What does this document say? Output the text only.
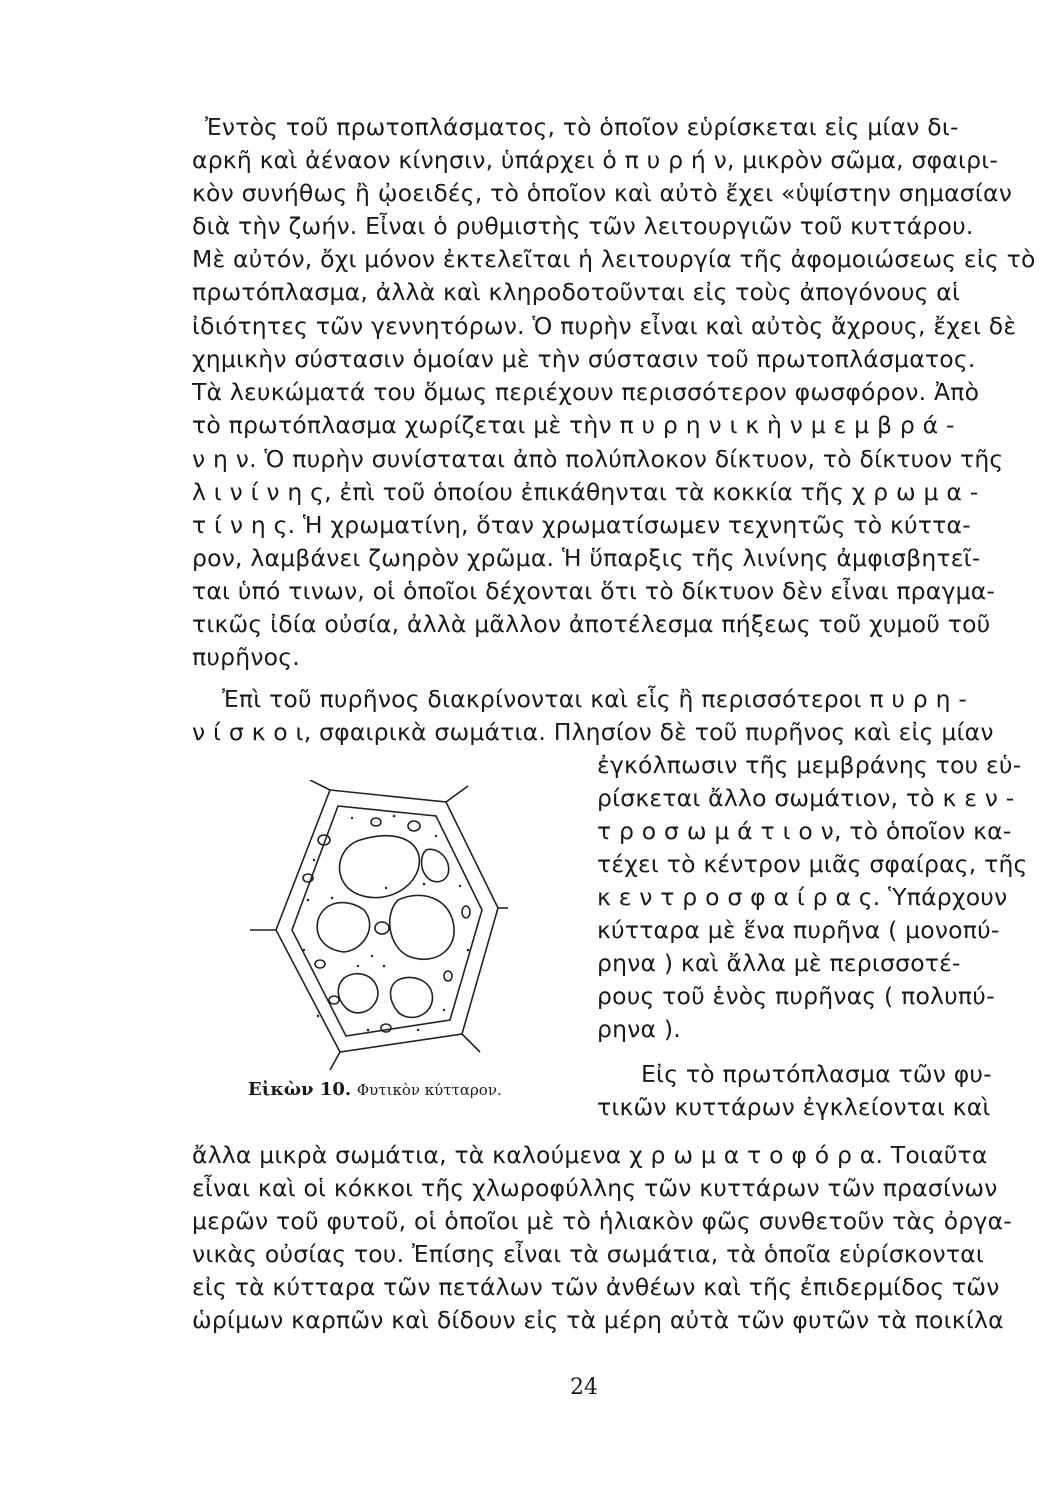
Ἐντὸς τοῦ πρωτοπλάσματος, τὸ ὁποῖον εὑρίσκεται εἰς μίαν δι-
αρκῆ καὶ ἀέναον κίνησιν, ὑπάρχει ὁ π υ ρ ή ν, μικρὸν σῶμα, σφαιρι-
κὸν συνήθως ἢ ᾠοειδές, τὸ ὁποῖον καὶ αὐτὸ ἔχει «ὑψίστην σημασίαν
διὰ τὴν ζωήν. Εἶναι ὁ ρυθμιστὴς τῶν λειτουργιῶν τοῦ κυττάρου.
Μὲ αὐτόν, ὄχι μόνον ἐκτελεῖται ἡ λειτουργία τῆς ἀφομοιώσεως εἰς τὸ
πρωτόπλασμα, ἀλλὰ καὶ κληροδοτοῦνται εἰς τοὺς ἀπογόνους αἱ
ἰδιότητες τῶν γεννητόρων. Ὁ πυρὴν εἶναι καὶ αὐτὸς ἄχρους, ἔχει δὲ
χημικὴν σύστασιν ὁμοίαν μὲ τὴν σύστασιν τοῦ πρωτοπλάσματος.
Τὰ λευκώματά του ὅμως περιέχουν περισσότερον φωσφόρον. Ἀπὸ
τὸ πρωτόπλασμα χωρίζεται μὲ τὴν π υ ρ η ν ι κ ὴ ν μ ε μ β ρ ά -
ν η ν. Ὁ πυρὴν συνίσταται ἀπὸ πολύπλοκον δίκτυον, τὸ δίκτυον τῆς
λ ι ν ί ν η ς, ἐπὶ τοῦ ὁποίου ἐπικάθηνται τὰ κοκκία τῆς χ ρ ω μ α -
τ ί ν η ς. Ἡ χρωματίνη, ὅταν χρωματίσωμεν τεχνητῶς τὸ κύττα-
ρον, λαμβάνει ζωηρὸν χρῶμα. Ἡ ὕπαρξις τῆς λινίνης ἀμφισβητεῖ-
ται ὑπό τινων, οἱ ὁποῖοι δέχονται ὅτι τὸ δίκτυον δὲν εἶναι πραγμα-
τικῶς ἰδία οὐσία, ἀλλὰ μᾶλλον ἀποτέλεσμα πήξεως τοῦ χυμοῦ τοῦ
πυρῆνος.
Ἐπὶ τοῦ πυρῆνος διακρίνονται καὶ εἷς ἢ περισσότεροι π υ ρ η -
ν ί σ κ ο ι, σφαιρικὰ σωμάτια. Πλησίον δὲ τοῦ πυρῆνος καὶ εἰς μίαν
ἐγκόλπωσιν τῆς μεμβράνης του εὑ-
ρίσκεται ἄλλο σωμάτιον, τὸ κ ε ν -
τ ρ ο σ ω μ ά τ ι ο ν, τὸ ὁποῖον κα-
τέχει τὸ κέντρον μιᾶς σφαίρας, τῆς
κ ε ν τ ρ ο σ φ α ί ρ α ς. Ὑπάρχουν
κύτταρα μὲ ἕνα πυρῆνα ( μονοπύ-
ρηνα ) καὶ ἄλλα μὲ περισσοτέ-
ρους τοῦ ἑνὸς πυρῆνας ( πολυπύ-
ρηνα ).
Εἰς τὸ πρωτόπλασμα τῶν φυ-
τικῶν κυττάρων ἐγκλείονται καὶ
ἄλλα μικρὰ σωμάτια, τὰ καλούμενα χ ρ ω μ α τ ο φ ό ρ α. Τοιαῦτα
εἶναι καὶ οἱ κόκκοι τῆς χλωροφύλλης τῶν κυττάρων τῶν πρασίνων
μερῶν τοῦ φυτοῦ, οἱ ὁποῖοι μὲ τὸ ἡλιακὸν φῶς συνθετοῦν τὰς ὀργα-
νικὰς οὐσίας του. Ἐπίσης εἶναι τὰ σωμάτια, τὰ ὁποῖα εὑρίσκονται
εἰς τὰ κύτταρα τῶν πετάλων τῶν ἀνθέων καὶ τῆς ἐπιδερμίδος τῶν
ὡρίμων καρπῶν καὶ δίδουν εἰς τὰ μέρη αὐτὰ τῶν φυτῶν τὰ ποικίλα
Εἰκὼν 10. Φυτικὸν κύτταρον.
24
